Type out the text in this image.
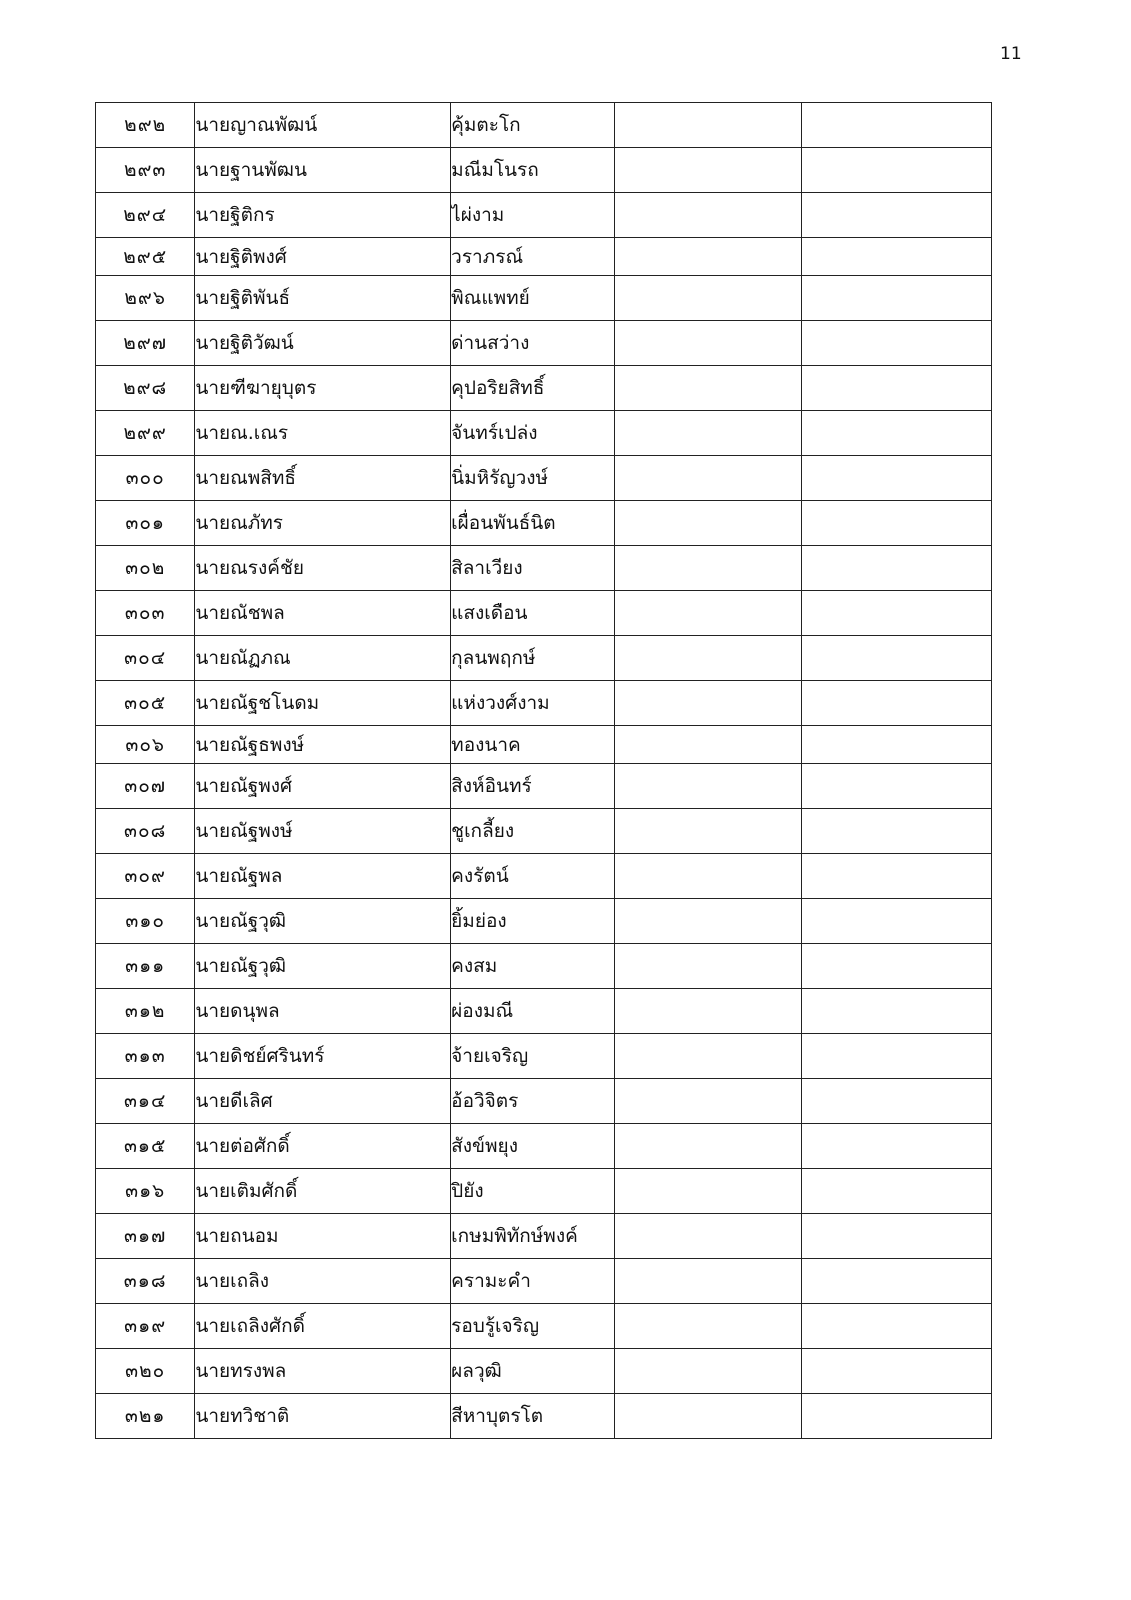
11
๒๙๒	นายญาณพัฒน์	คุ้มตะโก		
๒๙๓	นายฐานพัฒน	มณีมโนรถ		
๒๙๔	นายฐิติกร	ไผ่งาม		
๒๙๕	นายฐิติพงศ์	วราภรณ์		
๒๙๖	นายฐิติพันธ์	พิณแพทย์		
๒๙๗	นายฐิติวัฒน์	ด่านสว่าง		
๒๙๘	นายฑีฆายุบุตร	คุปอริยสิทธิ์		
๒๙๙	นายณ.เณร	จันทร์เปล่ง		
๓๐๐	นายณพสิทธิ์	นิ่มหิรัญวงษ์		
๓๐๑	นายณภัทร	เผื่อนพันธ์นิต		
๓๐๒	นายณรงค์ชัย	สิลาเวียง		
๓๐๓	นายณัชพล	แสงเดือน		
๓๐๔	นายณัฏภณ	กุลนพฤกษ์		
๓๐๕	นายณัฐชโนดม	แห่งวงศ์งาม		
๓๐๖	นายณัฐธพงษ์	ทองนาค		
๓๐๗	นายณัฐพงศ์	สิงห์อินทร์		
๓๐๘	นายณัฐพงษ์	ชูเกลี้ยง		
๓๐๙	นายณัฐพล	คงรัตน์		
๓๑๐	นายณัฐวุฒิ	ยิ้มย่อง		
๓๑๑	นายณัฐวุฒิ	คงสม		
๓๑๒	นายดนุพล	ผ่องมณี		
๓๑๓	นายดิชย์ศรินทร์	จ้ายเจริญ		
๓๑๔	นายดีเลิศ	อ้อวิจิตร		
๓๑๕	นายต่อศักดิ์	สังข์พยุง		
๓๑๖	นายเติมศักดิ์	ปิยัง		
๓๑๗	นายถนอม	เกษมพิทักษ์พงค์		
๓๑๘	นายเถลิง	ครามะคำ		
๓๑๙	นายเถลิงศักดิ์	รอบรู้เจริญ		
๓๒๐	นายทรงพล	ผลวุฒิ		
๓๒๑	นายทวิชาติ	สีหาบุตรโต		
